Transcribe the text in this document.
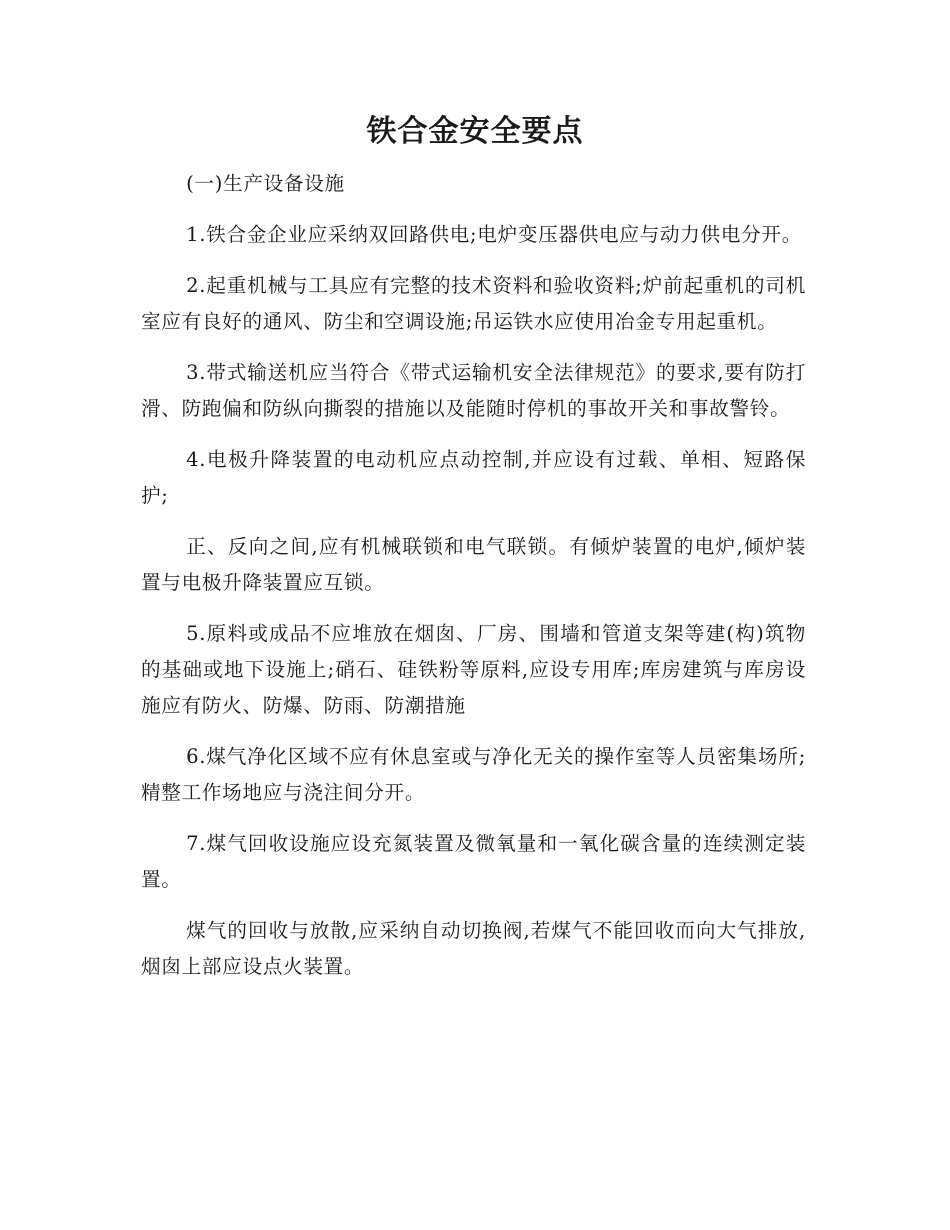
铁合金安全要点

(一)生产设备设施

1.铁合金企业应采纳双回路供电;电炉变压器供电应与动力供电分开。

2.起重机械与工具应有完整的技术资料和验收资料;炉前起重机的司机室应有良好的通风、防尘和空调设施;吊运铁水应使用冶金专用起重机。

3.带式输送机应当符合《带式运输机安全法律规范》的要求,要有防打滑、防跑偏和防纵向撕裂的措施以及能随时停机的事故开关和事故警铃。

4.电极升降装置的电动机应点动控制,并应设有过载、单相、短路保护;

正、反向之间,应有机械联锁和电气联锁。有倾炉装置的电炉,倾炉装置与电极升降装置应互锁。

5.原料或成品不应堆放在烟囱、厂房、围墙和管道支架等建(构)筑物的基础或地下设施上;硝石、硅铁粉等原料,应设专用库;库房建筑与库房设施应有防火、防爆、防雨、防潮措施

6.煤气净化区域不应有休息室或与净化无关的操作室等人员密集场所;精整工作场地应与浇注间分开。

7.煤气回收设施应设充氮装置及微氧量和一氧化碳含量的连续测定装置。

煤气的回收与放散,应采纳自动切换阀,若煤气不能回收而向大气排放,烟囱上部应设点火装置。
